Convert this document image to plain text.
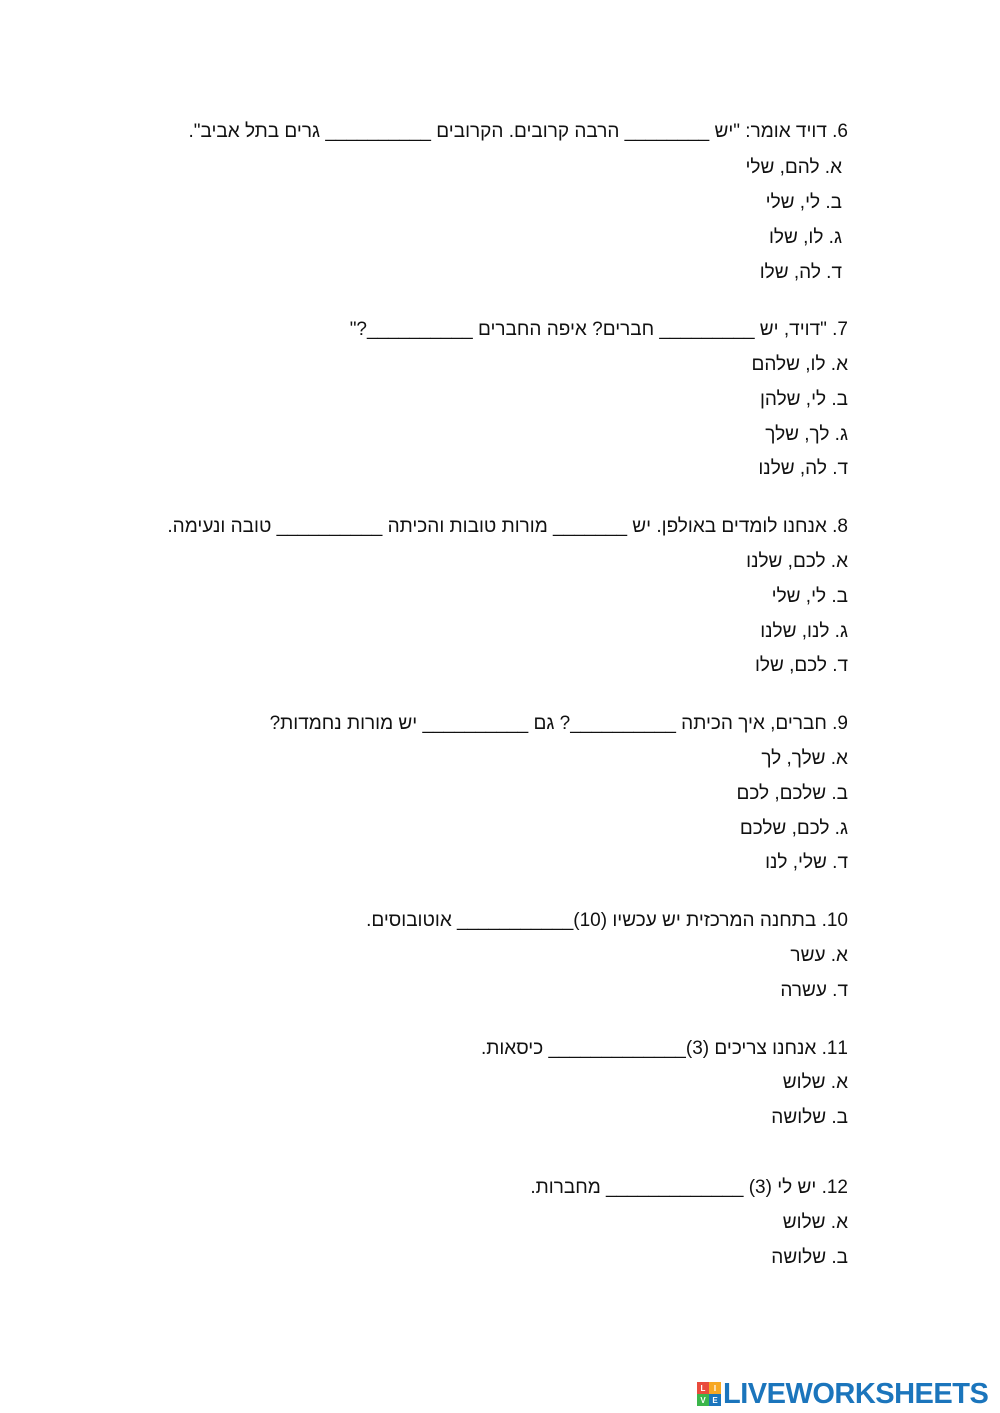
6. דויד אומר: "יש ________ הרבה קרובים. הקרובים __________ גרים בתל אביב".
א. להם, שלי
ב. לי, שלי
ג. לו, שלו
ד. לה, שלו
7. "דויד, יש _________ חברים? איפה החברים __________?"
א. לו, שלהם
ב. לי, שלהן
ג. לך, שלך
ד. לה, שלנו
8. אנחנו לומדים באולפן. יש _______ מורות טובות והכיתה __________ טובה ונעימה.
א. לכם, שלנו
ב. לי, שלי
ג. לנו, שלנו
ד. לכם, שלו
9. חברים, איך הכיתה __________? גם __________ יש מורות נחמדות?
א. שלך, לך
ב. שלכם, לכם
ג. לכם, שלכם
ד. שלי, לנו
10. בתחנה המרכזית יש עכשיו (10)___________ אוטובוסים.
א. עשר
ד. עשרה
11. אנחנו צריכים (3)_____________ כיסאות.
א. שלוש
ב. שלושה
12. יש לי (3) _____________ מחברות.
א. שלוש
ב. שלושה
L	I
V E LIVEWORKSHEETS
